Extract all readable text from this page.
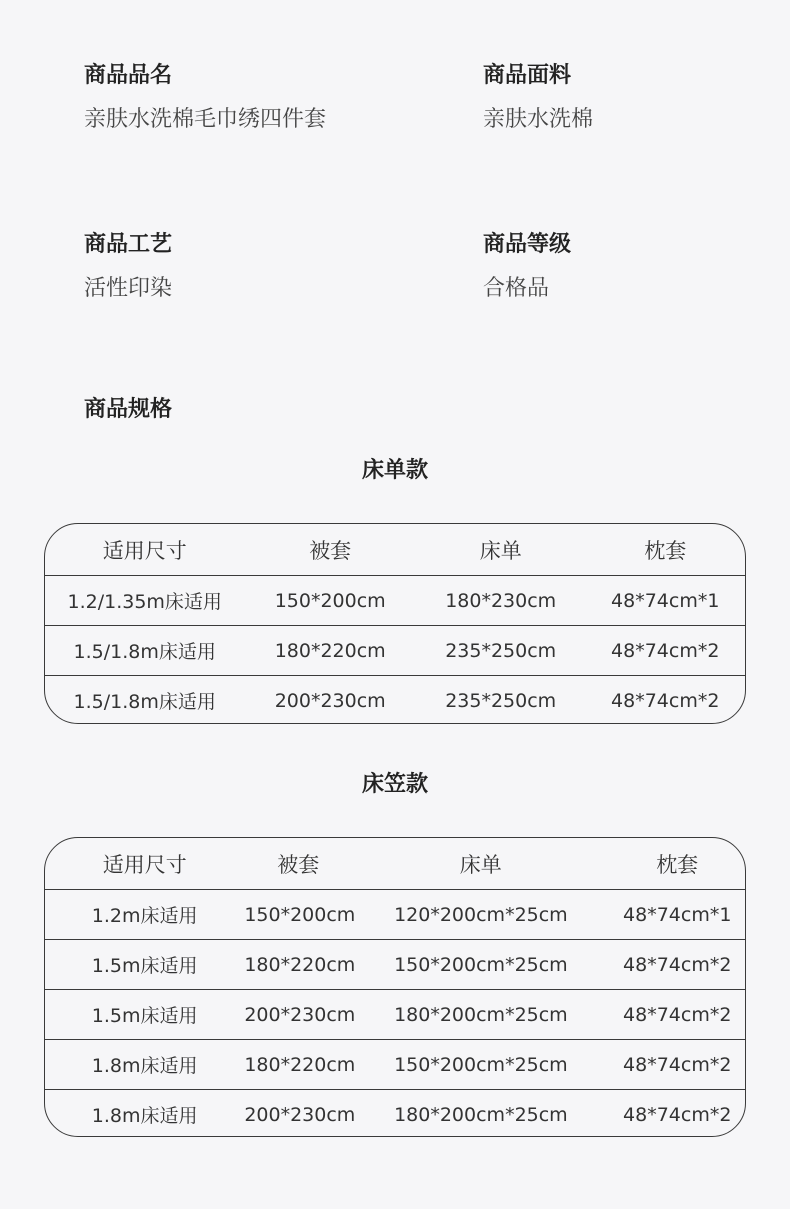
商品品名
亲肤水洗棉毛巾绣四件套
商品面料
亲肤水洗棉
商品工艺
活性印染
商品等级
合格品
商品规格
床单款
适用尺寸	被套	床单	枕套
1.2/1.35m床适用	150*200cm	180*230cm	48*74cm*1
1.5/1.8m床适用	180*220cm	235*250cm	48*74cm*2
1.5/1.8m床适用	200*230cm	235*250cm	48*74cm*2
床笠款
适用尺寸	被套	床单	枕套
1.2m床适用	150*200cm	120*200cm*25cm	48*74cm*1
1.5m床适用	180*220cm	150*200cm*25cm	48*74cm*2
1.5m床适用	200*230cm	180*200cm*25cm	48*74cm*2
1.8m床适用	180*220cm	150*200cm*25cm	48*74cm*2
1.8m床适用	200*230cm	180*200cm*25cm	48*74cm*2
